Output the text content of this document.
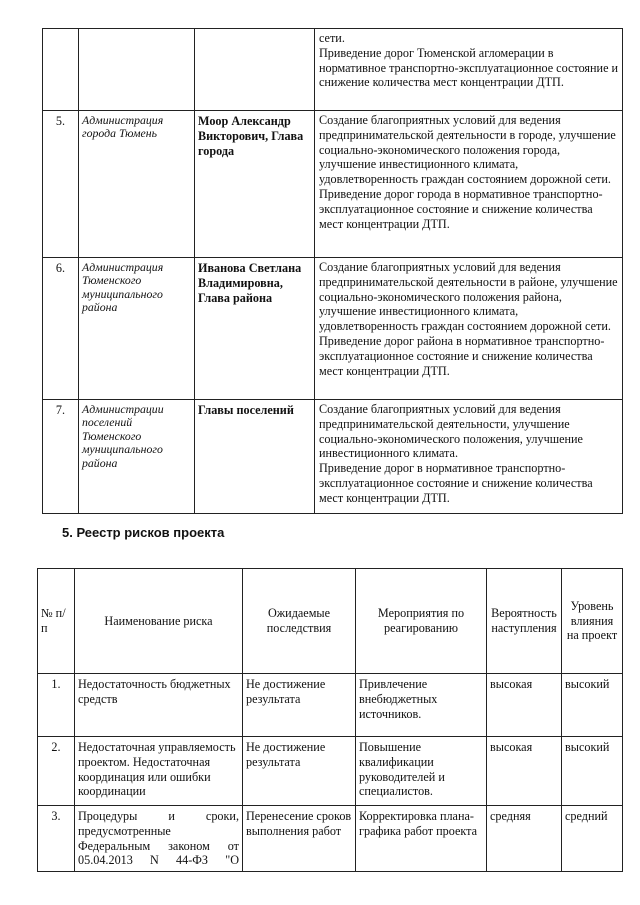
			сети.

Приведение дорог Тюменской агломерации в нормативное транспортно-эксплуатационное состояние и снижение количества мест концентрации ДТП.

5.	Администрация города Тюмень	Моор Александр Викторович, Глава города	Создание благоприятных условий для ведения предпринимательской деятельности в городе, улучшение социально-экономического положения города, улучшение инвестиционного климата, удовлетворенность граждан состоянием дорожной сети.

Приведение дорог города в нормативное транспортно-эксплуатационное состояние и снижение количества мест концентрации ДТП.

6.	Администрация Тюменского муниципального района	Иванова Светлана Владимировна, Глава района	Создание благоприятных условий для ведения предпринимательской деятельности в районе, улучшение социально-экономического положения района, улучшение инвестиционного климата, удовлетворенность граждан состоянием дорожной сети.

Приведение дорог района в нормативное транспортно-эксплуатационное состояние и снижение количества мест концентрации ДТП.

7.	Администрации поселений Тюменского муниципального района	Главы поселений	Создание благоприятных условий для ведения предпринимательской деятельности, улучшение социально-экономического положения, улучшение инвестиционного климата.

Приведение дорог в нормативное транспортно-эксплуатационное состояние и снижение количества мест концентрации ДТП.

5. Реестр рисков проекта
№ п/п	Наименование риска	Ожидаемые последствия	Мероприятия по реагированию	Вероятность наступления	Уровень влияния на проект
1.	Недостаточность бюджетных средств	Не достижение результата	Привлечение внебюджетных источников.	высокая	высокий
2.	Недостаточная управляемость проектом. Недостаточная координация или ошибки координации	Не достижение результата	Повышение квалификации руководителей и специалистов.	высокая	высокий
3.	Процедуры и сроки, предусмотренные Федеральным законом от 05.04.2013 N 44-ФЗ "О	Перенесение сроков выполнения работ	Корректировка плана-графика работ проекта	средняя	средний
